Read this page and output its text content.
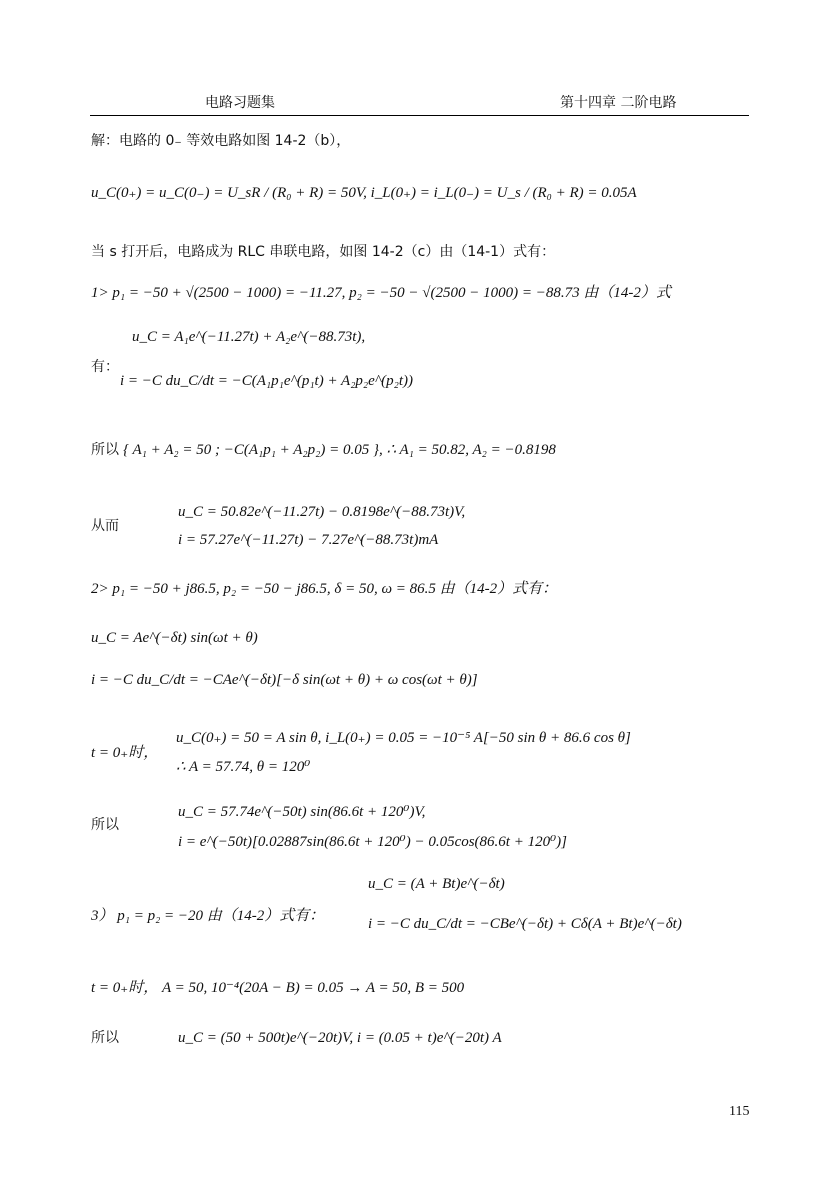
电路习题集	第十四章 二阶电路
解：电路的 0₋ 等效电路如图 14-2（b），
u_C(0₊) = u_C(0₋) = U_sR / (R₀ + R) = 50V, i_L(0₊) = i_L(0₋) = U_s / (R₀ + R) = 0.05A
当 s 打开后，电路成为 RLC 串联电路，如图 14-2（c）由（14-1）式有：
1> p₁ = −50 + √(2500 − 1000) = −11.27, p₂ = −50 − √(2500 − 1000) = −88.73 由（14-2）式
u_C = A₁e^(−11.27t) + A₂e^(−88.73t),
有：
i = −C du_C/dt = −C(A₁p₁e^(p₁t) + A₂p₂e^(p₂t))
所以 { A₁ + A₂ = 50 ; −C(A₁p₁ + A₂p₂) = 0.05 }, ∴ A₁ = 50.82, A₂ = −0.8198
从而
u_C = 50.82e^(−11.27t) − 0.8198e^(−88.73t)V,
i = 57.27e^(−11.27t) − 7.27e^(−88.73t)mA
2> p₁ = −50 + j86.5, p₂ = −50 − j86.5, δ = 50, ω = 86.5 由（14-2）式有：
u_C = Ae^(−δt) sin(ωt + θ)
i = −C du_C/dt = −CAe^(−δt)[−δ sin(ωt + θ) + ω cos(ωt + θ)]
t = 0₊时，
u_C(0₊) = 50 = A sin θ, i_L(0₊) = 0.05 = −10⁻⁵ A[−50 sin θ + 86.6 cos θ]
∴ A = 57.74, θ = 120⁰
所以
u_C = 57.74e^(−50t) sin(86.6t + 120⁰)V,
i = e^(−50t)[0.02887sin(86.6t + 120⁰) − 0.05cos(86.6t + 120⁰)]
u_C = (A + Bt)e^(−δt)
3） p₁ = p₂ = −20 由（14-2）式有：	i = −C du_C/dt = −CBe^(−δt) + Cδ(A + Bt)e^(−δt)
t = 0₊时， A = 50, 10⁻⁴(20A − B) = 0.05 → A = 50, B = 500
所以	u_C = (50 + 500t)e^(−20t)V, i = (0.05 + t)e^(−20t) A
115
